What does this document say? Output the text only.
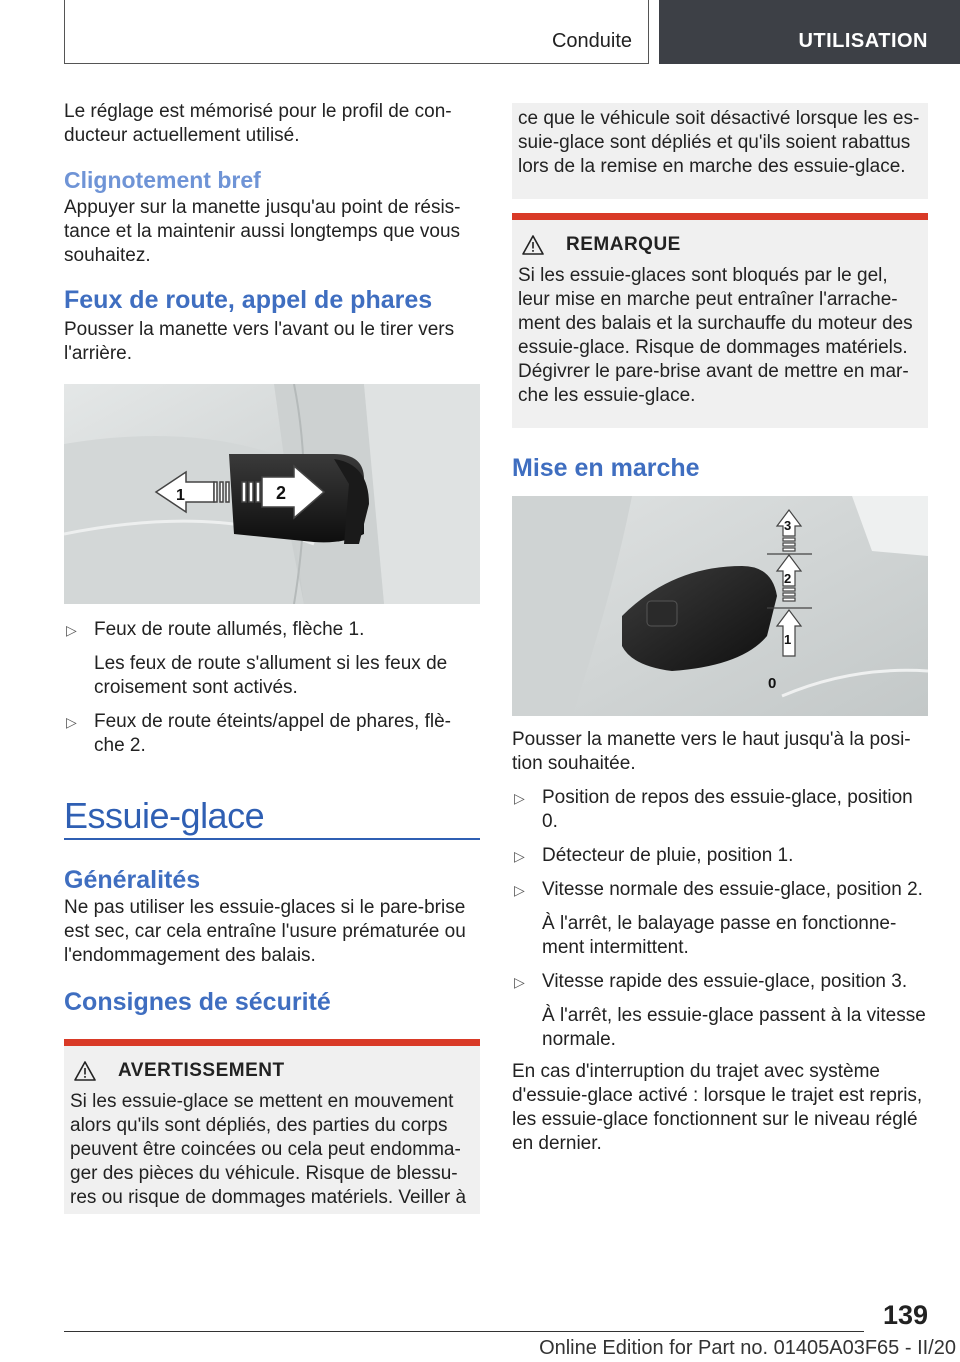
Conduite	UTILISATION

Le réglage est mémorisé pour le profil de con-ducteur actuellement utilisé.

Clignotement bref

Appuyer sur la manette jusqu'au point de résis-tance et la maintenir aussi longtemps que vous souhaitez.

Feux de route, appel de phares

Pousser la manette vers l'avant ou le tirer vers l'arrière.

1	2
▷ Feux de route allumés, flèche 1.
Les feux de route s'allument si les feux de croisement sont activés.
▷ Feux de route éteints/appel de phares, flè-che 2.
Essuie-glace
Généralités

Ne pas utiliser les essuie-glaces si le pare-brise est sec, car cela entraîne l'usure prématurée ou l'endommagement des balais.

Consignes de sécurité
AVERTISSEMENT
Si les essuie-glace se mettent en mouvement alors qu'ils sont dépliés, des parties du corps peuvent être coincées ou cela peut endomma-ger des pièces du véhicule. Risque de blessu-res ou risque de dommages matériels. Veiller à
ce que le véhicule soit désactivé lorsque les es-suie-glace sont dépliés et qu'ils soient rabattus lors de la remise en marche des essuie-glace.
REMARQUE
Si les essuie-glaces sont bloqués par le gel, leur mise en marche peut entraîner l'arrache-ment des balais et la surchauffe du moteur des essuie-glace. Risque de dommages matériels. Dégivrer le pare-brise avant de mettre en mar-che les essuie-glace.
Mise en marche
3
2
1
0

Pousser la manette vers le haut jusqu'à la posi-tion souhaitée.

▷ Position de repos des essuie-glace, position 0.
▷ Détecteur de pluie, position 1.
▷ Vitesse normale des essuie-glace, position 2.
À l'arrêt, le balayage passe en fonctionne-ment intermittent.
▷ Vitesse rapide des essuie-glace, position 3.
À l'arrêt, les essuie-glace passent à la vitesse normale.

En cas d'interruption du trajet avec système d'essuie-glace activé : lorsque le trajet est repris, les essuie-glace fonctionnent sur le niveau réglé en dernier.

139
Online Edition for Part no. 01405A03F65 - II/20
